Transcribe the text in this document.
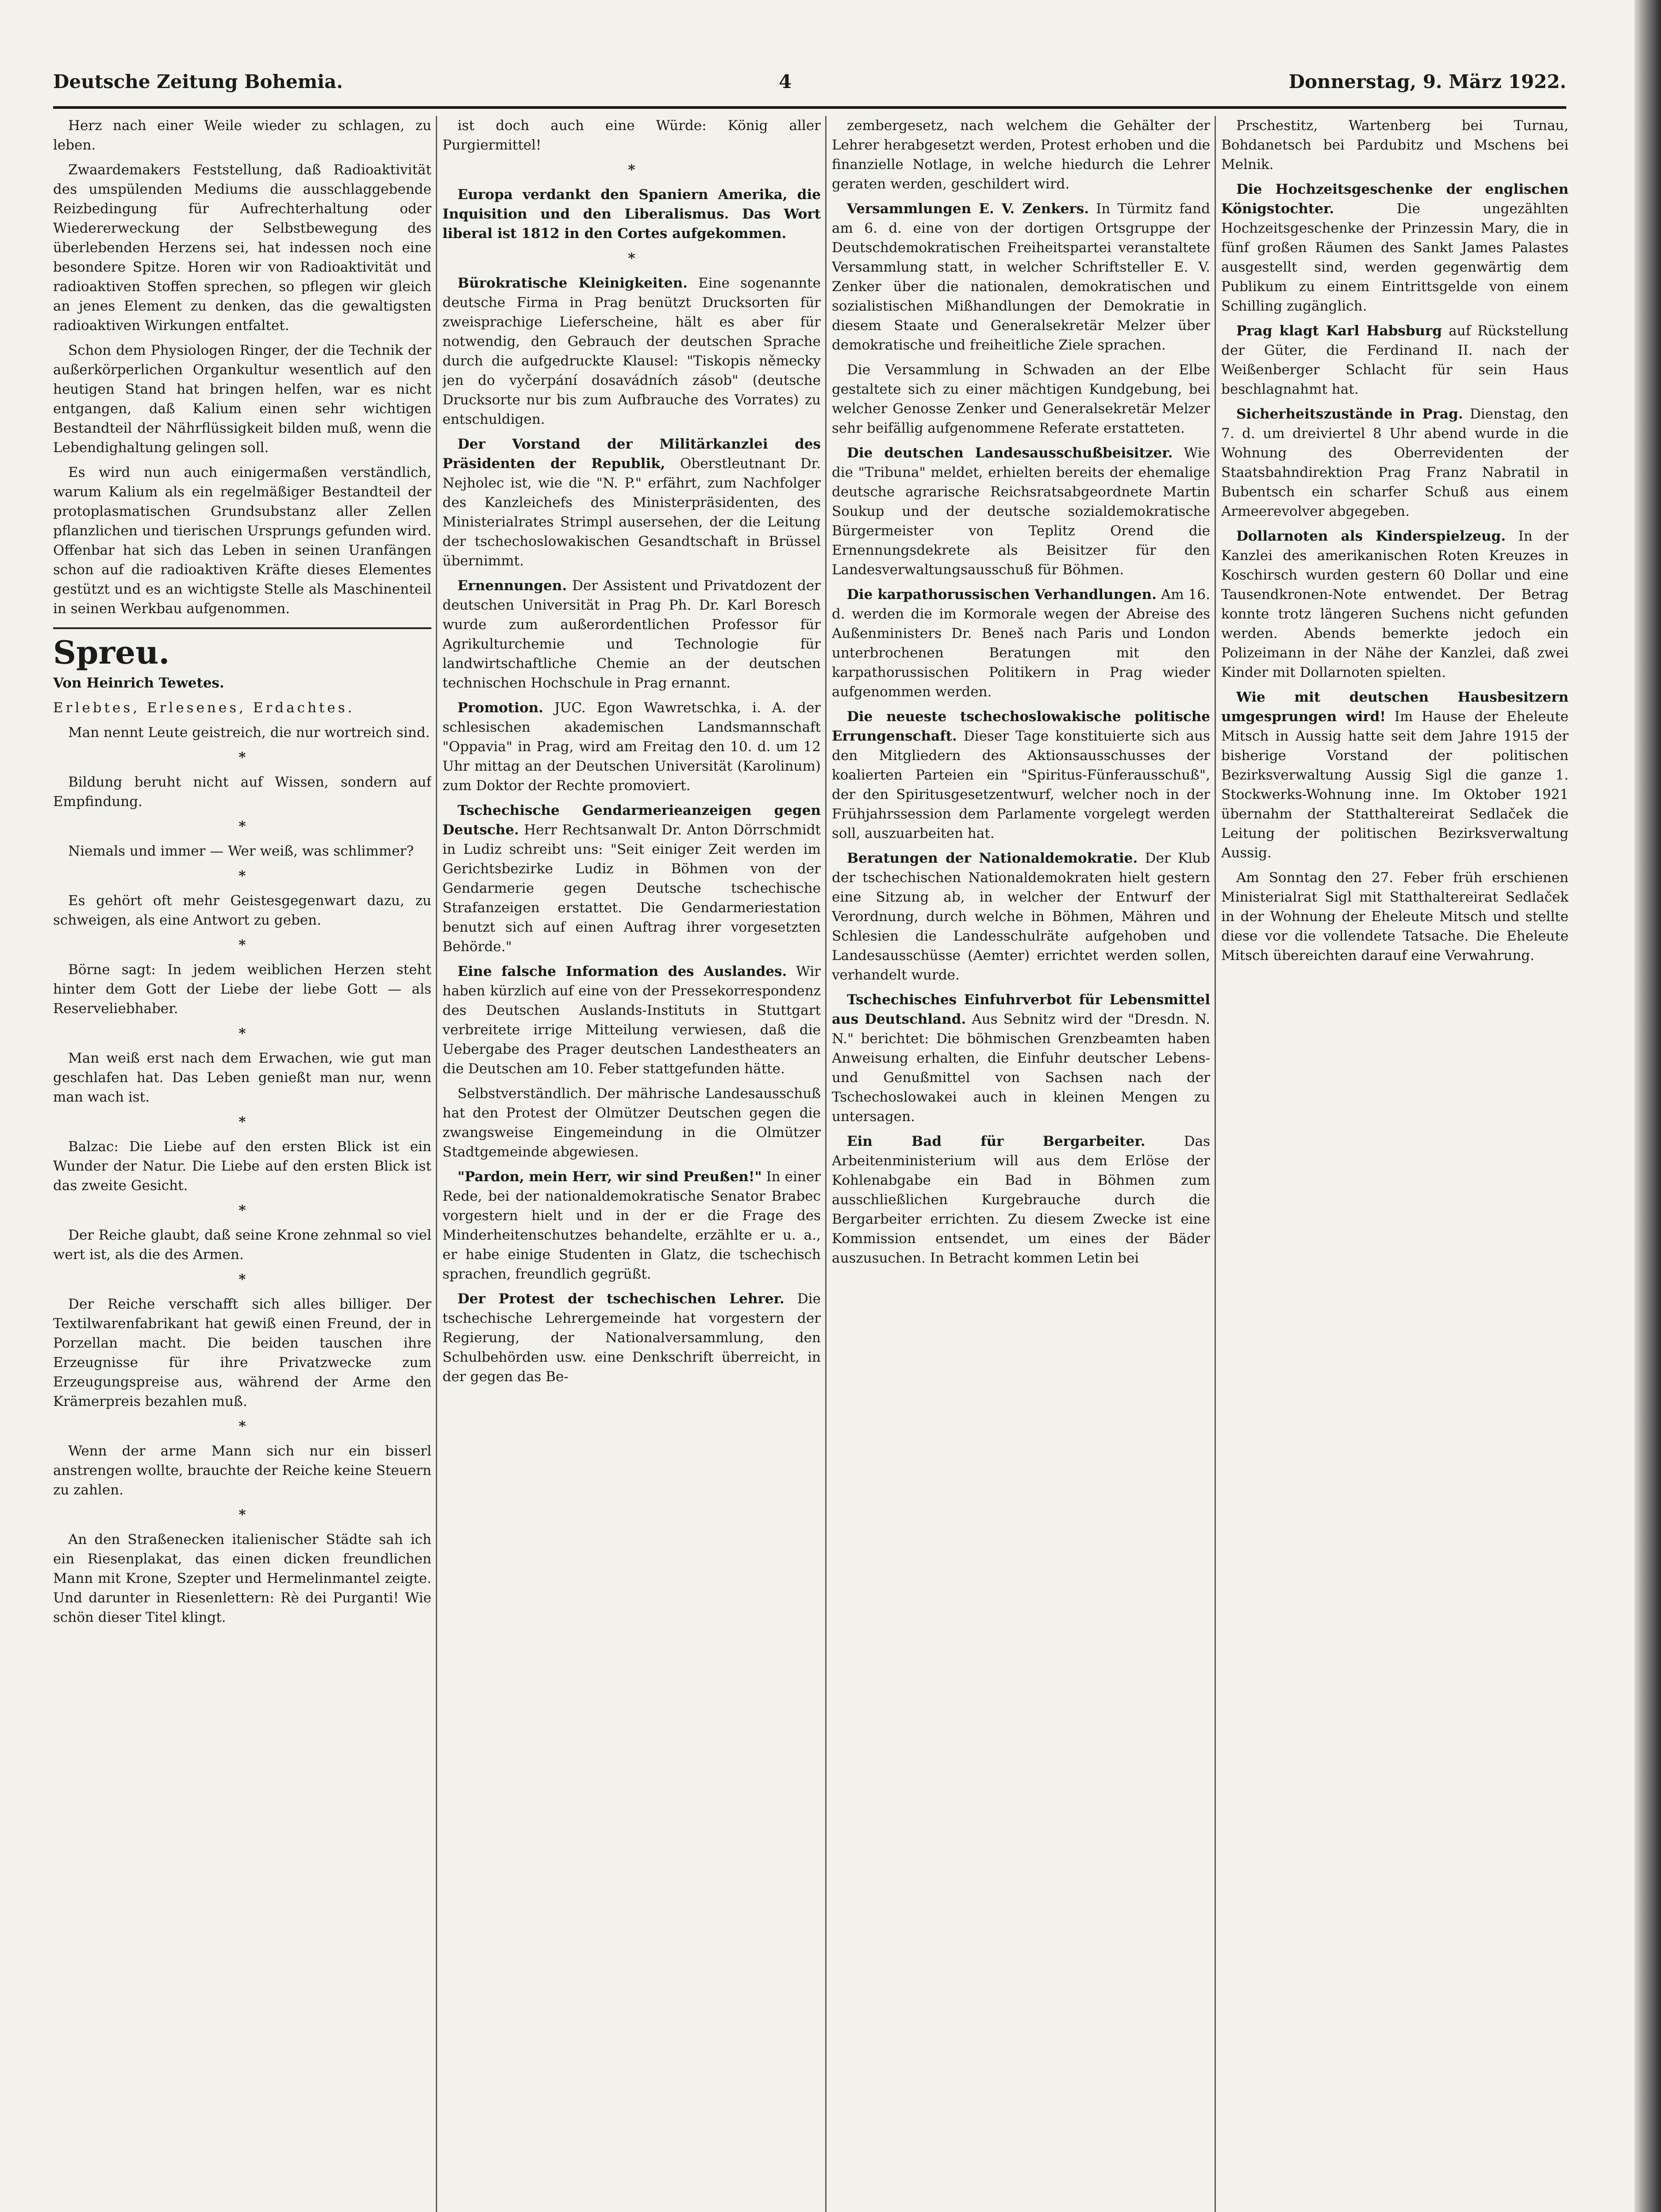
Deutsche Zeitung Bohemia.	4	Donnerstag, 9. März 1922.

Herz nach einer Weile wieder zu schlagen, zu leben.

Zwaardemakers Feststellung, daß Radioaktivität des umspülenden Mediums die ausschlaggebende Reizbedingung für Aufrechterhaltung oder Wiedererweckung der Selbstbewegung des überlebenden Herzens sei, hat indessen noch eine besondere Spitze. Horen wir von Radioaktivität und radioaktiven Stoffen sprechen, so pflegen wir gleich an jenes Element zu denken, das die gewaltigsten radioaktiven Wirkungen entfaltet.

Schon dem Physiologen Ringer, der die Technik der außerkörperlichen Organkultur wesentlich auf den heutigen Stand hat bringen helfen, war es nicht entgangen, daß Kalium einen sehr wichtigen Bestandteil der Nährflüssigkeit bilden muß, wenn die Lebendighaltung gelingen soll.

Es wird nun auch einigermaßen verständlich, warum Kalium als ein regelmäßiger Bestandteil der protoplasmatischen Grundsubstanz aller Zellen pflanzlichen und tierischen Ursprungs gefunden wird. Offenbar hat sich das Leben in seinen Uranfängen schon auf die radioaktiven Kräfte dieses Elementes gestützt und es an wichtigste Stelle als Maschinenteil in seinen Werkbau aufgenommen.

Spreu.

Von Heinrich Tewetes.

Erlebtes, Erlesenes, Erdachtes.

Man nennt Leute geistreich, die nur wortreich sind.

*

Bildung beruht nicht auf Wissen, sondern auf Empfindung.

*

Niemals und immer — Wer weiß, was schlimmer?

*

Es gehört oft mehr Geistesgegenwart dazu, zu schweigen, als eine Antwort zu geben.

*

Börne sagt: In jedem weiblichen Herzen steht hinter dem Gott der Liebe der liebe Gott — als Reserveliebhaber.

*

Man weiß erst nach dem Erwachen, wie gut man geschlafen hat. Das Leben genießt man nur, wenn man wach ist.

*

Balzac: Die Liebe auf den ersten Blick ist ein Wunder der Natur. Die Liebe auf den ersten Blick ist das zweite Gesicht.

*

Der Reiche glaubt, daß seine Krone zehnmal so viel wert ist, als die des Armen.

*

Der Reiche verschafft sich alles billiger. Der Textilwarenfabrikant hat gewiß einen Freund, der in Porzellan macht. Die beiden tauschen ihre Erzeugnisse für ihre Privatzwecke zum Erzeugungspreise aus, während der Arme den Krämerpreis bezahlen muß.

*

Wenn der arme Mann sich nur ein bisserl anstrengen wollte, brauchte der Reiche keine Steuern zu zahlen.

*

An den Straßenecken italienischer Städte sah ich ein Riesenplakat, das einen dicken freundlichen Mann mit Krone, Szepter und Hermelinmantel zeigte. Und darunter in Riesenlettern: Rè dei Purganti! Wie schön dieser Titel klingt.

ist doch auch eine Würde: König aller Purgiermittel!

*

Europa verdankt den Spaniern Amerika, die Inquisition und den Liberalismus. Das Wort liberal ist 1812 in den Cortes aufgekommen.

*

Bürokratische Kleinigkeiten. Eine sogenannte deutsche Firma in Prag benützt Drucksorten für zweisprachige Lieferscheine, hält es aber für notwendig, den Gebrauch der deutschen Sprache durch die aufgedruckte Klausel: "Tiskopis německy jen do vyčerpání dosavádních zásob" (deutsche Drucksorte nur bis zum Aufbrauche des Vorrates) zu entschuldigen.

Der Vorstand der Militärkanzlei des Präsidenten der Republik, Oberstleutnant Dr. Nejholec ist, wie die "N. P." erfährt, zum Nachfolger des Kanzleichefs des Ministerpräsidenten, des Ministerialrates Strimpl ausersehen, der die Leitung der tschechoslowakischen Gesandtschaft in Brüssel übernimmt.

Ernennungen. Der Assistent und Privatdozent der deutschen Universität in Prag Ph. Dr. Karl Boresch wurde zum außerordentlichen Professor für Agrikulturchemie und Technologie für landwirtschaftliche Chemie an der deutschen technischen Hochschule in Prag ernannt.

Promotion. JUC. Egon Wawretschka, i. A. der schlesischen akademischen Landsmannschaft "Oppavia" in Prag, wird am Freitag den 10. d. um 12 Uhr mittag an der Deutschen Universität (Karolinum) zum Doktor der Rechte promoviert.

Tschechische Gendarmerieanzeigen gegen Deutsche. Herr Rechtsanwalt Dr. Anton Dörrschmidt in Ludiz schreibt uns: "Seit einiger Zeit werden im Gerichtsbezirke Ludiz in Böhmen von der Gendarmerie gegen Deutsche tschechische Strafanzeigen erstattet. Die Gendarmeriestation benutzt sich auf einen Auftrag ihrer vorgesetzten Behörde."

Eine falsche Information des Auslandes. Wir haben kürzlich auf eine von der Pressekorrespondenz des Deutschen Auslands-Instituts in Stuttgart verbreitete irrige Mitteilung verwiesen, daß die Uebergabe des Prager deutschen Landestheaters an die Deutschen am 10. Feber stattgefunden hätte.

Selbstverständlich. Der mährische Landesausschuß hat den Protest der Olmützer Deutschen gegen die zwangsweise Eingemeindung in die Olmützer Stadtgemeinde abgewiesen.

"Pardon, mein Herr, wir sind Preußen!" In einer Rede, bei der nationaldemokratische Senator Brabec vorgestern hielt und in der er die Frage des Minderheitenschutzes behandelte, erzählte er u. a., er habe einige Studenten in Glatz, die tschechisch sprachen, freundlich gegrüßt.

Der Protest der tschechischen Lehrer. Die tschechische Lehrergemeinde hat vorgestern der Regierung, der Nationalversammlung, den Schulbehörden usw. eine Denkschrift überreicht, in der gegen das Be-

zembergesetz, nach welchem die Gehälter der Lehrer herabgesetzt werden, Protest erhoben und die finanzielle Notlage, in welche hiedurch die Lehrer geraten werden, geschildert wird.

Versammlungen E. V. Zenkers. In Türmitz fand am 6. d. eine von der dortigen Ortsgruppe der Deutschdemokratischen Freiheitspartei veranstaltete Versammlung statt, in welcher Schriftsteller E. V. Zenker über die nationalen, demokratischen und sozialistischen Mißhandlungen der Demokratie in diesem Staate und Generalsekretär Melzer über demokratische und freiheitliche Ziele sprachen.

Die Versammlung in Schwaden an der Elbe gestaltete sich zu einer mächtigen Kundgebung, bei welcher Genosse Zenker und Generalsekretär Melzer sehr beifällig aufgenommene Referate erstatteten.

Die deutschen Landesausschußbeisitzer. Wie die "Tribuna" meldet, erhielten bereits der ehemalige deutsche agrarische Reichsratsabgeordnete Martin Soukup und der deutsche sozialdemokratische Bürgermeister von Teplitz Orend die Ernennungsdekrete als Beisitzer für den Landesverwaltungsausschuß für Böhmen.

Die karpathorussischen Verhandlungen. Am 16. d. werden die im Kormorale wegen der Abreise des Außenministers Dr. Beneš nach Paris und London unterbrochenen Beratungen mit den karpathorussischen Politikern in Prag wieder aufgenommen werden.

Die neueste tschechoslowakische politische Errungenschaft. Dieser Tage konstituierte sich aus den Mitgliedern des Aktionsausschusses der koalierten Parteien ein "Spiritus-Fünferausschuß", der den Spiritusgesetzentwurf, welcher noch in der Frühjahrssession dem Parlamente vorgelegt werden soll, auszuarbeiten hat.

Beratungen der Nationaldemokratie. Der Klub der tschechischen Nationaldemokraten hielt gestern eine Sitzung ab, in welcher der Entwurf der Verordnung, durch welche in Böhmen, Mähren und Schlesien die Landesschulräte aufgehoben und Landesausschüsse (Aemter) errichtet werden sollen, verhandelt wurde.

Tschechisches Einfuhrverbot für Lebensmittel aus Deutschland. Aus Sebnitz wird der "Dresdn. N. N." berichtet: Die böhmischen Grenzbeamten haben Anweisung erhalten, die Einfuhr deutscher Lebens- und Genußmittel von Sachsen nach der Tschechoslowakei auch in kleinen Mengen zu untersagen.

Ein Bad für Bergarbeiter.	Das Arbeitenministerium will aus dem Erlöse der Kohlenabgabe ein Bad in Böhmen zum ausschließlichen Kurgebrauche durch die Bergarbeiter errichten. Zu diesem Zwecke ist eine Kommission entsendet, um eines der Bäder auszusuchen. In Betracht kommen Letin bei

Prschestitz, Wartenberg bei Turnau, Bohdanetsch bei Pardubitz und Mschens bei Melnik.

Die Hochzeitsgeschenke der englischen Königstochter.	Die ungezählten Hochzeitsgeschenke der Prinzessin Mary, die in fünf großen Räumen des Sankt James Palastes ausgestellt sind, werden gegenwärtig dem Publikum zu einem Eintrittsgelde von einem Schilling zugänglich.

Prag klagt Karl Habsburg auf Rückstellung der Güter, die Ferdinand II. nach der Weißenberger Schlacht für sein Haus beschlagnahmt hat.

Sicherheitszustände in Prag. Dienstag, den 7. d. um dreiviertel 8 Uhr abend wurde in die Wohnung des Oberrevidenten der Staatsbahndirektion Prag Franz Nabratil in Bubentsch ein scharfer Schuß aus einem Armeerevolver abgegeben.

Dollarnoten als Kinderspielzeug. In der Kanzlei des amerikanischen Roten Kreuzes in Koschirsch wurden gestern 60 Dollar und eine Tausendkronen-Note entwendet. Der Betrag konnte trotz längeren Suchens nicht gefunden werden. Abends bemerkte jedoch ein Polizeimann in der Nähe der Kanzlei, daß zwei Kinder mit Dollarnoten spielten.

Wie mit deutschen Hausbesitzern umgesprungen wird! Im Hause der Eheleute Mitsch in Aussig hatte seit dem Jahre 1915 der bisherige Vorstand der politischen Bezirksverwaltung Aussig Sigl die ganze 1. Stockwerks-Wohnung inne. Im Oktober 1921 übernahm der Statthaltereirat Sedlaček die Leitung der politischen Bezirksverwaltung Aussig.

Am Sonntag den 27. Feber früh erschienen Ministerialrat Sigl mit Statthaltereirat Sedlaček in der Wohnung der Eheleute Mitsch und stellte diese vor die vollendete Tatsache. Die Eheleute Mitsch übereichten darauf eine Verwahrung.
